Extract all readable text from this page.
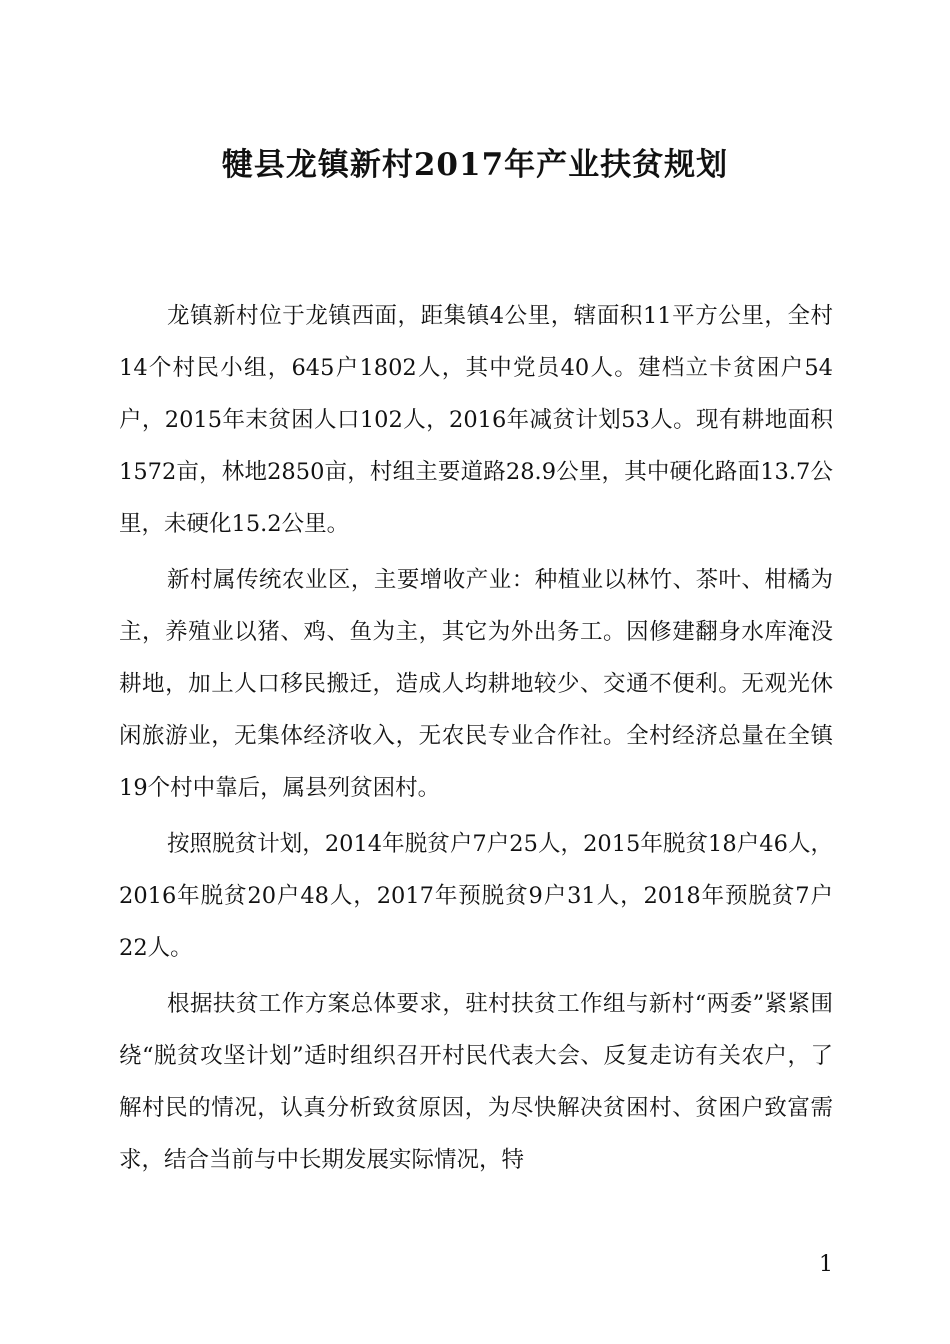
犍县龙镇新村2017年产业扶贫规划

龙镇新村位于龙镇西面，距集镇4公里，辖面积11平方公里，全村14个村民小组，645户1802人，其中党员40人。建档立卡贫困户54户，2015年末贫困人口102人，2016年减贫计划53人。现有耕地面积1572亩，林地2850亩，村组主要道路28.9公里，其中硬化路面13.7公里，未硬化15.2公里。

新村属传统农业区，主要增收产业：种植业以林竹、茶叶、柑橘为主，养殖业以猪、鸡、鱼为主，其它为外出务工。因修建翻身水库淹没耕地，加上人口移民搬迁，造成人均耕地较少、交通不便利。无观光休闲旅游业，无集体经济收入，无农民专业合作社。全村经济总量在全镇19个村中靠后，属县列贫困村。

按照脱贫计划，2014年脱贫户7户25人，2015年脱贫18户46人，2016年脱贫20户48人，2017年预脱贫9户31人，2018年预脱贫7户22人。

根据扶贫工作方案总体要求，驻村扶贫工作组与新村“两委”紧紧围绕“脱贫攻坚计划”适时组织召开村民代表大会、反复走访有关农户，了解村民的情况，认真分析致贫原因，为尽快解决贫困村、贫困户致富需求，结合当前与中长期发展实际情况，特

1
